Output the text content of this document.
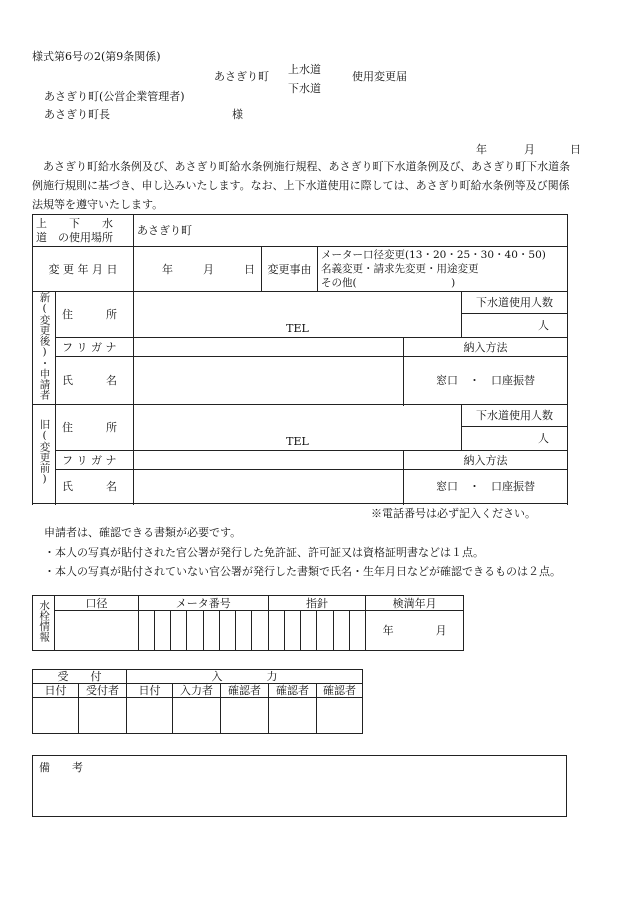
様式第6号の2(第9条関係)
あさぎり町
上水道
下水道
使用変更届
あさぎり町(公営企業管理者)
あさぎり町長	様
年	月	日
あさぎり町給水条例及び、あさぎり町給水条例施行規程、あさぎり町下水道条例及び、あさぎり町下水道条例施行規則に基づき、申し込みいたします。なお、上下水道使用に際しては、あさぎり町給水条例等及び関係法規等を遵守いたします。
上　　下　　水
道　の使用場所		あさぎり町				
変 更 年 月 日		年 月 日	変更事由	メーター口径変更(13・20・25・30・40・50)
名義変更・請求先変更・用途変更
その他(　　　　　　　　　)		

新(変更後)・申請者	住　　　所	TEL				下水道使用人数
						人
	フ リ ガ ナ				納入方法	
	氏　　　名				窓口　・　口座振替	

旧(変更前)	住　　　所	TEL				下水道使用人数
						人
	フ リ ガ ナ				納入方法	
	氏　　　名				窓口　・　口座振替	

※電話番号は必ず記入ください。
申請者は、確認できる書類が必要です。
・本人の写真が貼付された官公署が発行した免許証、許可証又は資格証明書などは１点。
・本人の写真が貼付されていない官公署が発行した書類で氏名・生年月日などが確認できるものは２点。
水栓情報	口径	メータ番号								指針						検満年月
																年 月
受　　付		入　　　　力				
日付	受付者	日付	入力者	確認者	確認者	確認者

備　　考
